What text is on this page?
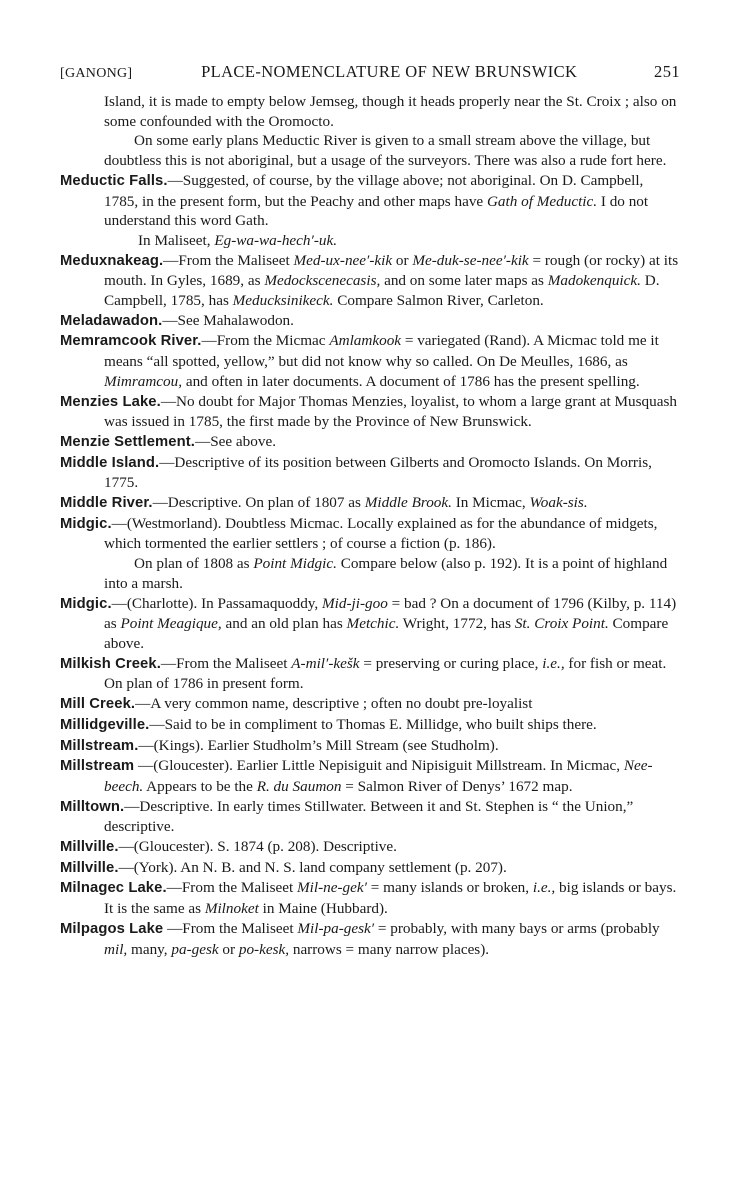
[GANONG]	PLACE-NOMENCLATURE OF NEW BRUNSWICK	251

Island, it is made to empty below Jemseg, though it heads properly near the St. Croix ; also on some confounded with the Oromocto.

On some early plans Meductic River is given to a small stream above the village, but doubtless this is not aboriginal, but a usage of the surveyors. There was also a rude fort here.

Meductic Falls.—Suggested, of course, by the village above; not aboriginal. On D. Campbell, 1785, in the present form, but the Peachy and other maps have Gath of Meductic. I do not understand this word Gath.

In Maliseet, Eg-wa-wa-hech′-uk.

Meduxnakeag.—From the Maliseet Med-ux-nee′-kik or Me-duk-se-nee′-kik = rough (or rocky) at its mouth. In Gyles, 1689, as Medockscenecasis, and on some later maps as Madokenquick. D. Campbell, 1785, has Meducksinikeck. Compare Salmon River, Carleton.

Meladawadon.—See Mahalawodon.

Memramcook River.—From the Micmac Amlamkook = variegated (Rand). A Micmac told me it means “all spotted, yellow,” but did not know why so called. On De Meulles, 1686, as Mimramcou, and often in later documents. A document of 1786 has the present spelling.

Menzies Lake.—No doubt for Major Thomas Menzies, loyalist, to whom a large grant at Musquash was issued in 1785, the first made by the Province of New Brunswick.

Menzie Settlement.—See above.

Middle Island.—Descriptive of its position between Gilberts and Oromocto Islands. On Morris, 1775.

Middle River.—Descriptive. On plan of 1807 as Middle Brook. In Micmac, Woak-sis.

Midgic.—(Westmorland). Doubtless Micmac. Locally explained as for the abundance of midgets, which tormented the earlier settlers ; of course a fiction (p. 186).

On plan of 1808 as Point Midgic. Compare below (also p. 192). It is a point of highland into a marsh.

Midgic.—(Charlotte). In Passamaquoddy, Mid-ji-goo = bad ? On a document of 1796 (Kilby, p. 114) as Point Meagique, and an old plan has Metchic. Wright, 1772, has St. Croix Point. Compare above.

Milkish Creek.—From the Maliseet A-mil′-kešk = preserving or curing place, i.e., for fish or meat. On plan of 1786 in present form.

Mill Creek.—A very common name, descriptive ; often no doubt pre-loyalist

Millidgeville.—Said to be in compliment to Thomas E. Millidge, who built ships there.

Millstream.—(Kings). Earlier Studholm’s Mill Stream (see Studholm).

Millstream —(Gloucester). Earlier Little Nepisiguit and Nipisiguit Millstream. In Micmac, Nee-beech. Appears to be the R. du Saumon = Salmon River of Denys’ 1672 map.

Milltown.—Descriptive. In early times Stillwater. Between it and St. Stephen is “ the Union,” descriptive.

Millville.—(Gloucester). S. 1874 (p. 208). Descriptive.

Millville.—(York). An N. B. and N. S. land company settlement (p. 207).

Milnagec Lake.—From the Maliseet Mil-ne-gek′ = many islands or broken, i.e., big islands or bays. It is the same as Milnoket in Maine (Hubbard).

Milpagos Lake —From the Maliseet Mil-pa-gesk′ = probably, with many bays or arms (probably mil, many, pa-gesk or po-kesk, narrows = many narrow places).
